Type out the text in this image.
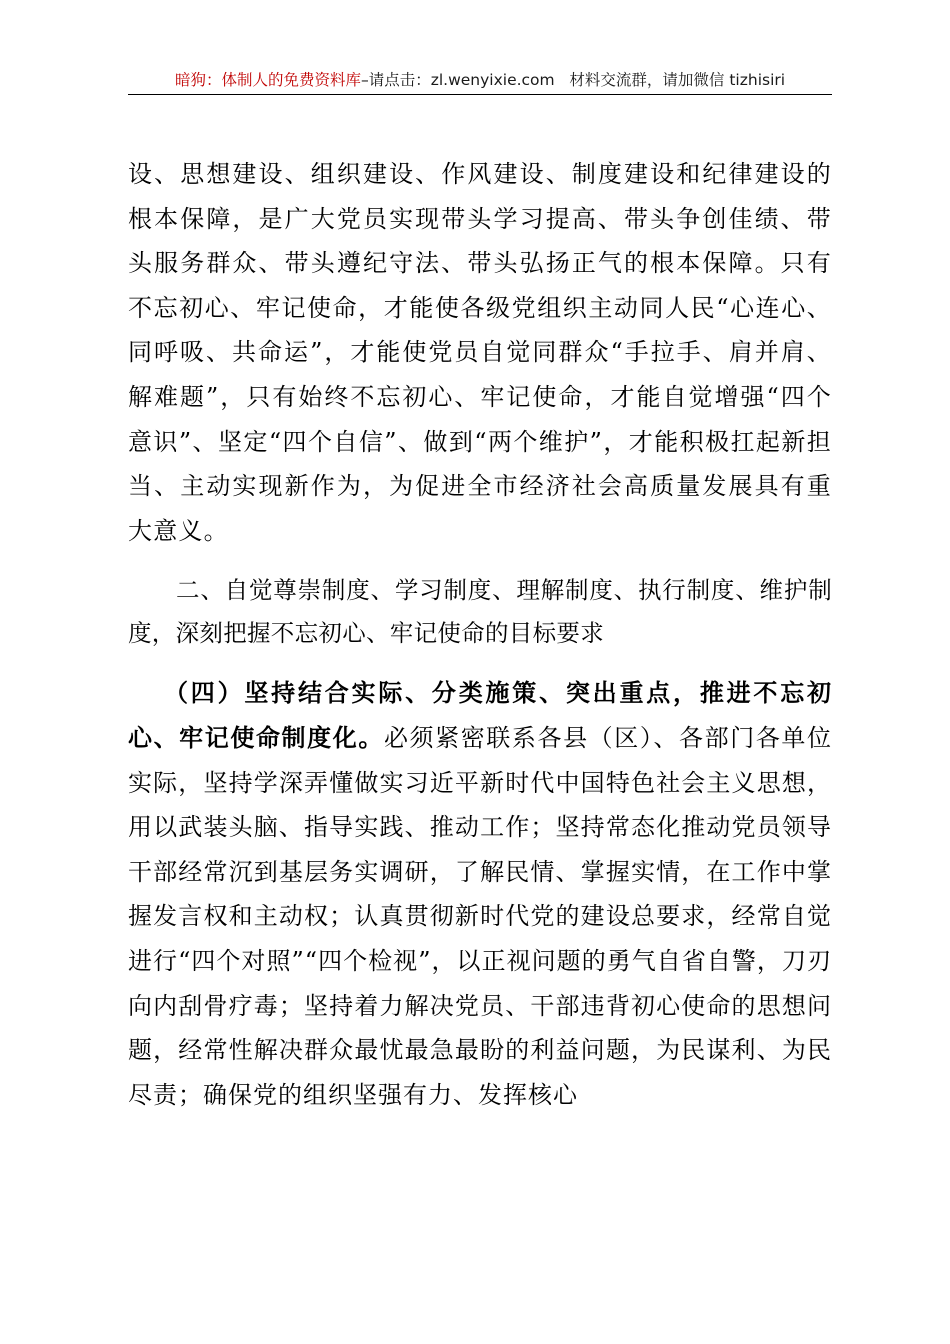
暗狗：体制人的免费资料库–请点击：zl.wenyixie.com 材料交流群，请加微信 tizhisiri

设、思想建设、组织建设、作风建设、制度建设和纪律建设的根本保障，是广大党员实现带头学习提高、带头争创佳绩、带头服务群众、带头遵纪守法、带头弘扬正气的根本保障。只有不忘初心、牢记使命，才能使各级党组织主动同人民“心连心、同呼吸、共命运”，才能使党员自觉同群众“手拉手、肩并肩、解难题”，只有始终不忘初心、牢记使命，才能自觉增强“四个意识”、坚定“四个自信”、做到“两个维护”，才能积极扛起新担当、主动实现新作为，为促进全市经济社会高质量发展具有重大意义。

二、自觉尊崇制度、学习制度、理解制度、执行制度、维护制度，深刻把握不忘初心、牢记使命的目标要求

（四）坚持结合实际、分类施策、突出重点，推进不忘初心、牢记使命制度化。必须紧密联系各县（区）、各部门各单位实际，坚持学深弄懂做实习近平新时代中国特色社会主义思想，用以武装头脑、指导实践、推动工作；坚持常态化推动党员领导干部经常沉到基层务实调研，了解民情、掌握实情，在工作中掌握发言权和主动权；认真贯彻新时代党的建设总要求，经常自觉进行“四个对照”“四个检视”，以正视问题的勇气自省自警，刀刃向内刮骨疗毒；坚持着力解决党员、干部违背初心使命的思想问题，经常性解决群众最忧最急最盼的利益问题，为民谋利、为民尽责；确保党的组织坚强有力、发挥核心
